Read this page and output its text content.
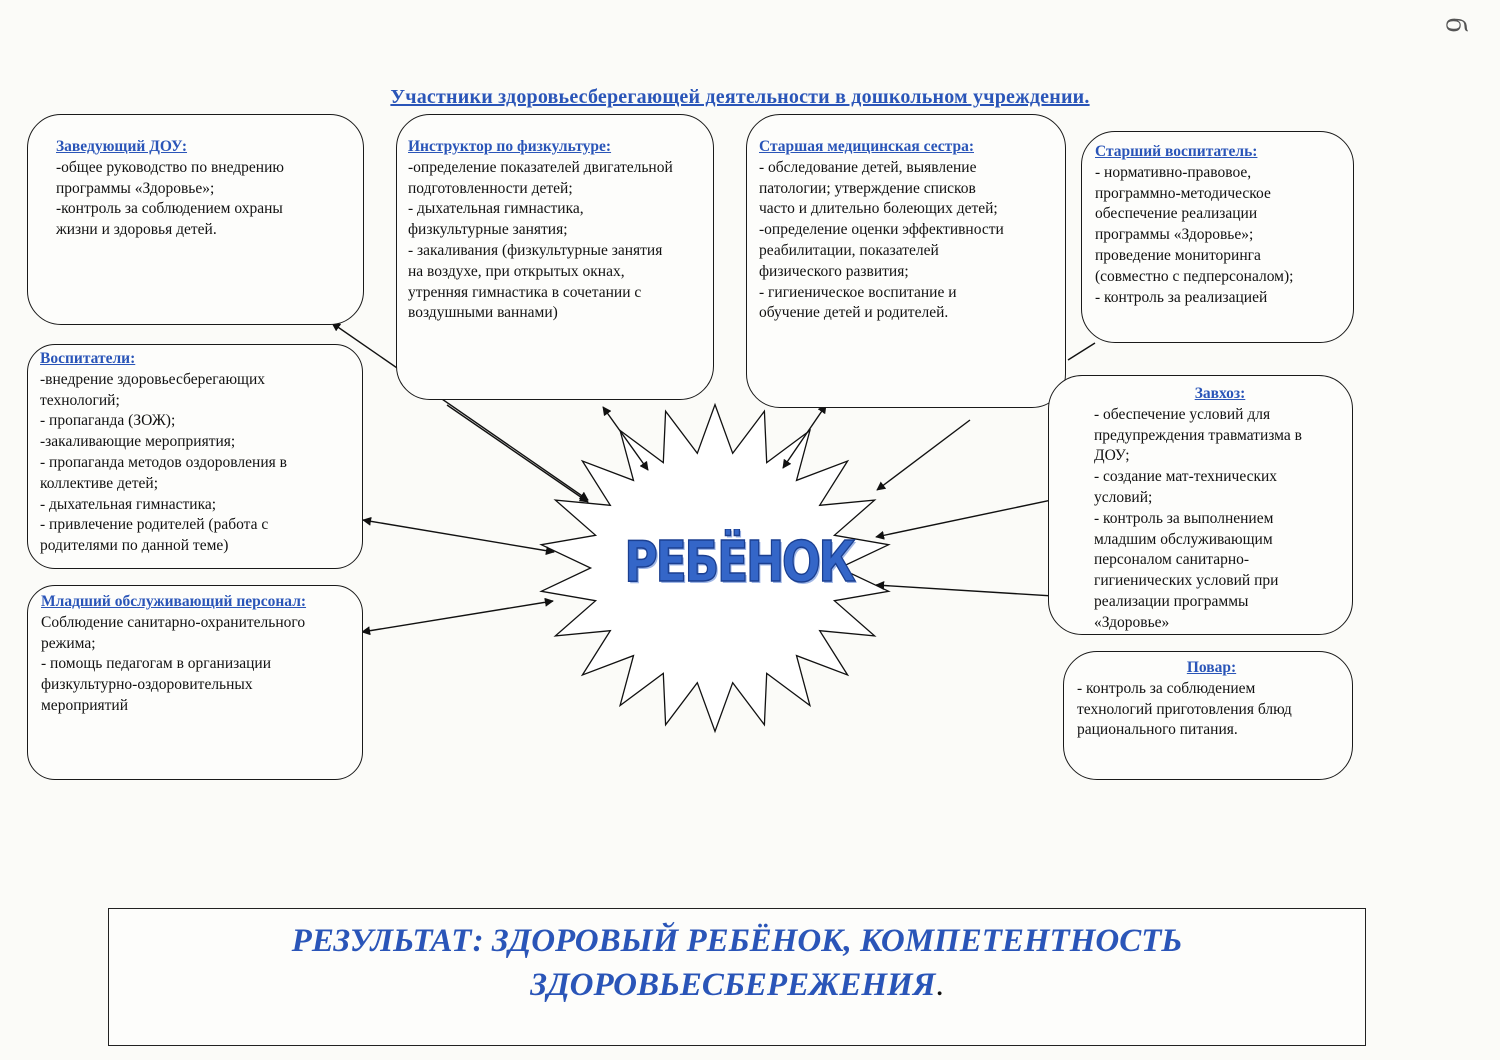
б
Участники здоровьесберегающей деятельности в дошкольном учреждении.
РЕБЁНОК
Заведующий ДОУ:
-общее руководство по внедрению
программы «Здоровье»;
-контроль за соблюдением охраны
жизни и здоровья детей.
Инструктор по физкультуре:
-определение показателей двигательной
подготовленности детей;
- дыхательная гимнастика,
физкультурные занятия;
- закаливания (физкультурные занятия
на воздухе, при открытых окнах,
утренняя гимнастика в сочетании с
воздушными ваннами)
Старшая медицинская сестра:
- обследование детей, выявление
патологии; утверждение списков
часто и длительно болеющих детей;
-определение оценки эффективности
реабилитации, показателей
физического развития;
- гигиеническое воспитание и
обучение детей и родителей.
Старший воспитатель:
- нормативно-правовое,
программно-методическое
обеспечение реализации
программы «Здоровье»;
проведение мониторинга
(совместно с педперсоналом);
- контроль за реализацией
Воспитатели:
-внедрение здоровьесберегающих
технологий;
- пропаганда (ЗОЖ);
-закаливающие мероприятия;
- пропаганда методов оздоровления в
коллективе детей;
- дыхательная гимнастика;
- привлечение родителей (работа с
родителями по данной теме)
Младший обслуживающий персонал:
Соблюдение санитарно-охранительного
режима;
- помощь педагогам в организации
физкультурно-оздоровительных
мероприятий
Завхоз:
- обеспечение условий для
предупреждения травматизма в
ДОУ;
- создание мат-технических
условий;
- контроль за выполнением
младшим обслуживающим
персоналом санитарно-
гигиенических условий при
реализации программы
«Здоровье»
Повар:
- контроль за соблюдением
технологий приготовления блюд
рационального питания.
РЕЗУЛЬТАТ: ЗДОРОВЫЙ РЕБЁНОК, КОМПЕТЕНТНОСТЬ
ЗДОРОВЬЕСБЕРЕЖЕНИЯ.
